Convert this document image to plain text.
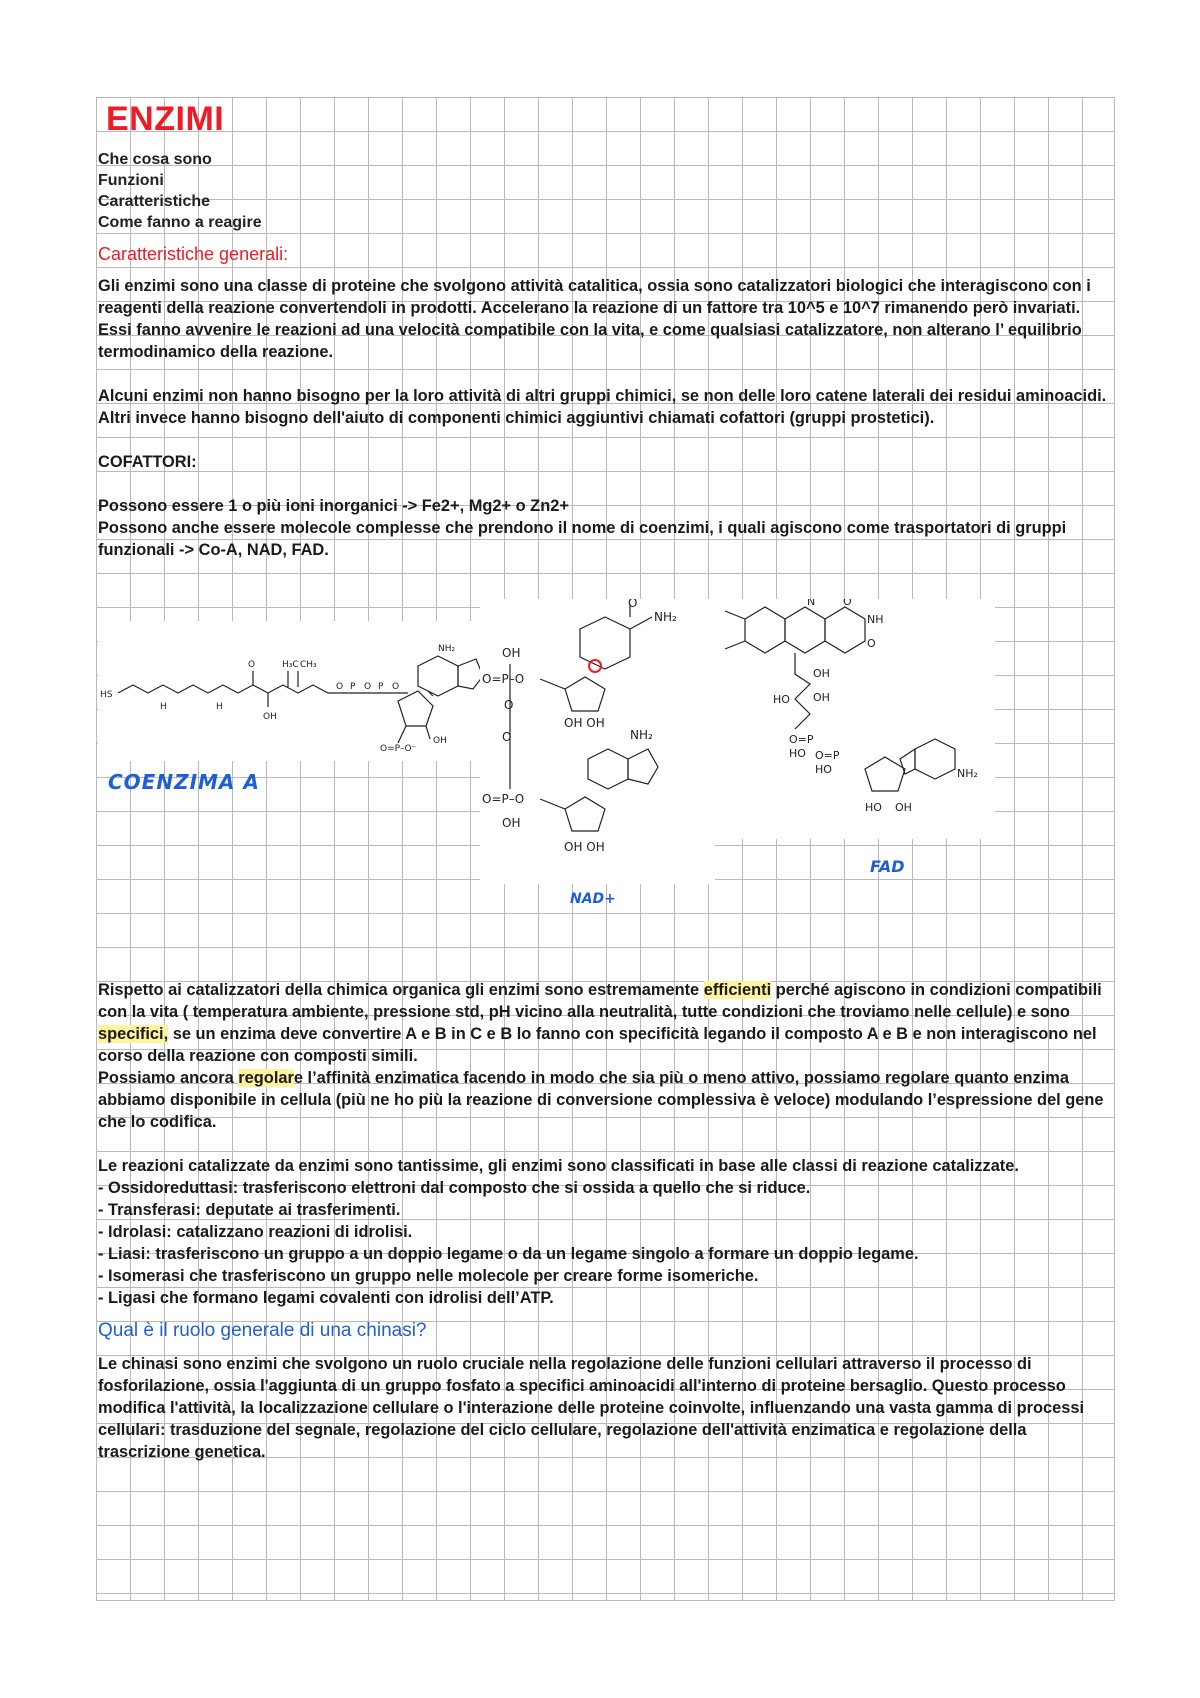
ENZIMI
Che cosa sono
Funzioni
Caratteristiche
Come fanno a reagire
Caratteristiche generali:

Gli enzimi sono una classe di proteine che svolgono attività catalitica, ossia sono catalizzatori biologici che interagiscono con i reagenti della reazione convertendoli in prodotti. Accelerano la reazione di un fattore tra 10^5 e 10^7 rimanendo però invariati. Essi fanno avvenire le reazioni ad una velocità compatibile con la vita, e come qualsiasi catalizzatore, non alterano l’ equilibrio termodinamico della reazione.

Alcuni enzimi non hanno bisogno per la loro attività di altri gruppi chimici, se non delle loro catene laterali dei residui aminoacidi. Altri invece hanno bisogno dell'aiuto di componenti chimici aggiuntivi chiamati cofattori (gruppi prostetici).

COFATTORI:

Possono essere 1 o più ioni inorganici -> Fe2+, Mg2+ o Zn2+

Possono anche essere molecole complesse che prendono il nome di coenzimi, i quali agiscono come trasportatori di gruppi funzionali -> Co-A, NAD, FAD.

HS
H	H
O	H₃C CH₃
OH
O P O P O
NH₂
O=P–O⁻
OH
COENZIMA A
OH
O=P–O
O
O
O=P–O
OH
O
NH₂
OH OH
NH₂
OH OH
NAD+
N	O
NH
O
OH
HO OH
O=P
HO O=P
HO	NH₂
HO OH
FAD

Rispetto ai catalizzatori della chimica organica gli enzimi sono estremamente efficienti perché agiscono in condizioni compatibili con la vita ( temperatura ambiente, pressione std, pH vicino alla neutralità, tutte condizioni che troviamo nelle cellule) e sono specifici, se un enzima deve convertire A e B in C e B lo fanno con specificità legando il composto A e B e non interagiscono nel corso della reazione con composti simili.

Possiamo ancora regolare l’affinità enzimatica facendo in modo che sia più o meno attivo, possiamo regolare quanto enzima abbiamo disponibile in cellula (più ne ho più la reazione di conversione complessiva è veloce) modulando l’espressione del gene che lo codifica.

Le reazioni catalizzate da enzimi sono tantissime, gli enzimi sono classificati in base alle classi di reazione catalizzate.

- Ossidoreduttasi: trasferiscono elettroni dal composto che si ossida a quello che si riduce.

- Transferasi: deputate ai trasferimenti.

- Idrolasi: catalizzano reazioni di idrolisi.

- Liasi: trasferiscono un gruppo a un doppio legame o da un legame singolo a formare un doppio legame.

- Isomerasi che trasferiscono un gruppo nelle molecole per creare forme isomeriche.

- Ligasi che formano legami covalenti con idrolisi dell’ATP.

Qual è il ruolo generale di una chinasi?

Le chinasi sono enzimi che svolgono un ruolo cruciale nella regolazione delle funzioni cellulari attraverso il processo di fosforilazione, ossia l'aggiunta di un gruppo fosfato a specifici aminoacidi all'interno di proteine bersaglio. Questo processo modifica l'attività, la localizzazione cellulare o l'interazione delle proteine coinvolte, influenzando una vasta gamma di processi cellulari: trasduzione del segnale, regolazione del ciclo cellulare, regolazione dell'attività enzimatica e regolazione della trascrizione genetica.
